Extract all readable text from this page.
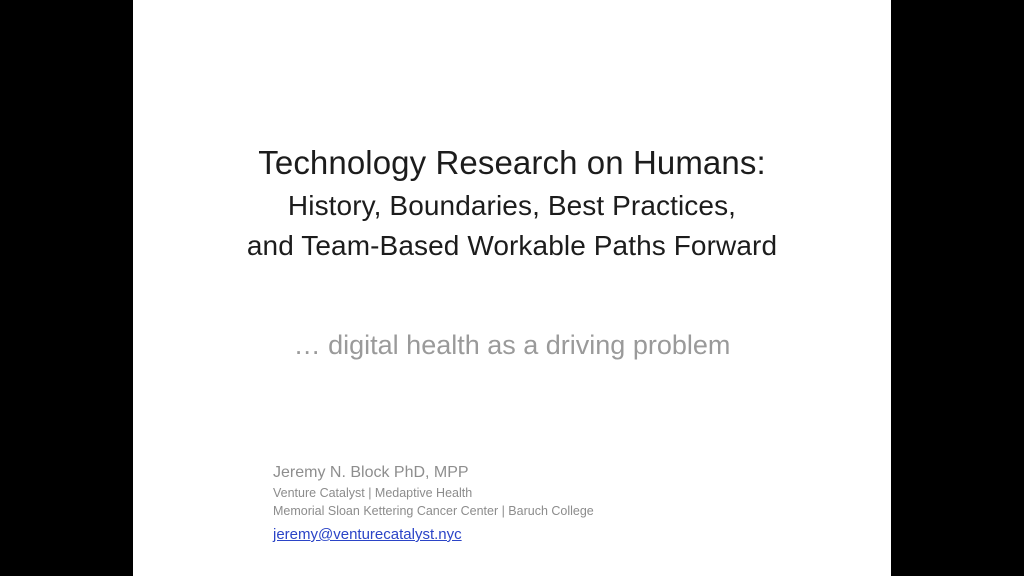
Technology Research on Humans:
History, Boundaries, Best Practices,
and Team-Based Workable Paths Forward
… digital health as a driving problem
Jeremy N. Block PhD, MPP
Venture Catalyst | Medaptive Health
Memorial Sloan Kettering Cancer Center | Baruch College
jeremy@venturecatalyst.nyc
